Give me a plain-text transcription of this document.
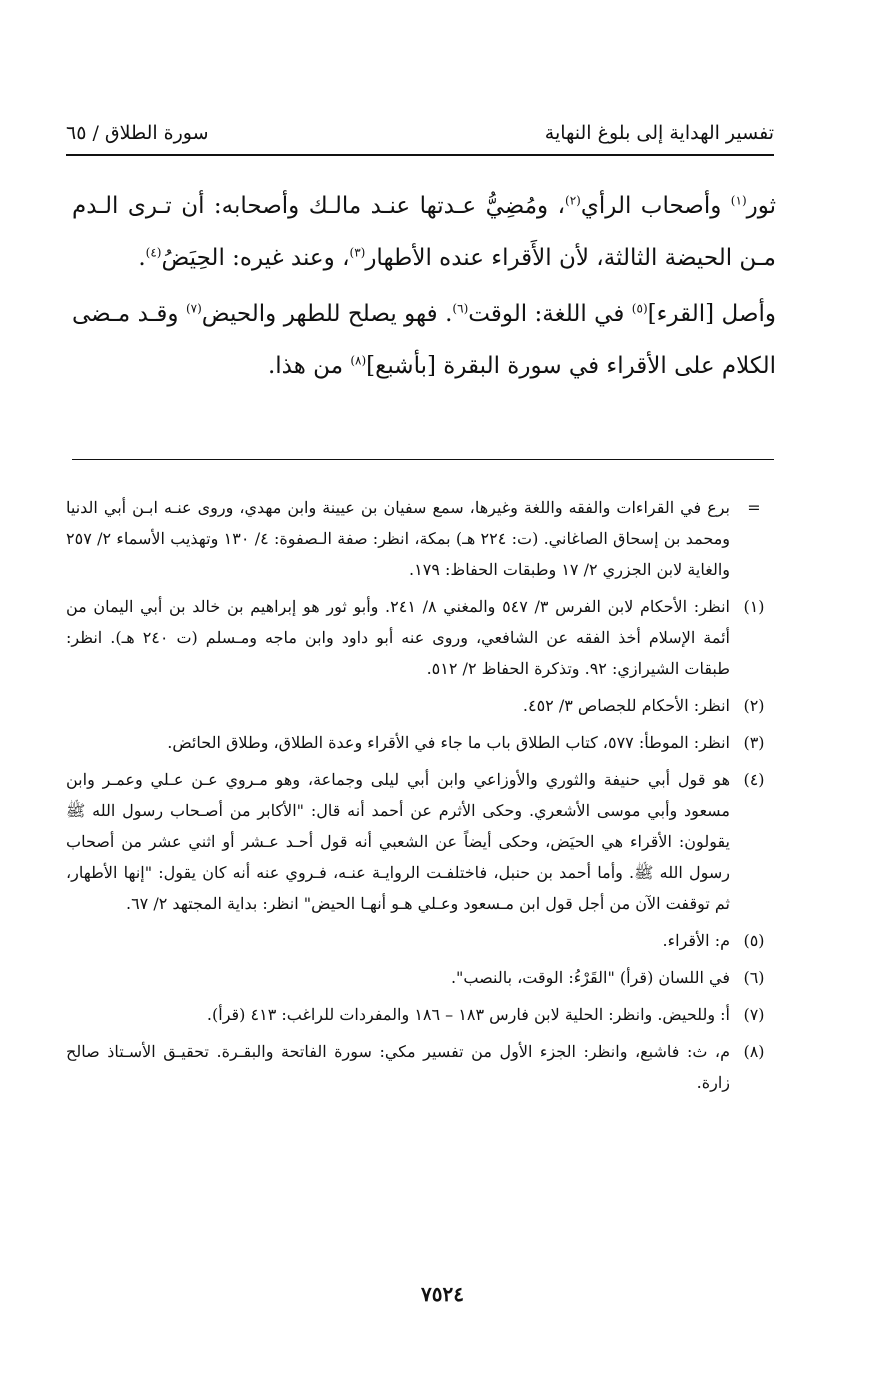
تفسير الهداية إلى بلوغ النهاية
سورة الطلاق / ٦٥

ثور$^{(١)}$ وأصحاب الرأي$^{(٢)}$، ومُضِيُّ عـدتها عنـد مالـك وأصحابه: أن تـرى الـدم مـن الحيضة الثالثة، لأن الأَقراء عنده الأطهار$^{(٣)}$، وعند غيره: الحِيَضُ$^{(٤)}$.

وأصل [القرء]$^{(٥)}$ في اللغة: الوقت$^{(٦)}$. فهو يصلح للطهر والحيض$^{(٧)}$ وقـد مـضى الكلام على الأقراء في سورة البقرة [بأشبع]$^{(٨)}$ من هذا.

=
برع في القراءات والفقه واللغة وغيرها، سمع سفيان بن عيينة وابن مهدي، وروى عنـه ابـن أبي الدنيا ومحمد بن إسحاق الصاغاني. (ت: ٢٢٤ هـ) بمكة، انظر: صفة الـصفوة: ٤/ ١٣٠ وتهذيب الأسماء ٢/ ٢٥٧ والغاية لابن الجزري ٢/ ١٧ وطبقات الحفاظ: ١٧٩.
(١)
انظر: الأحكام لابن الفرس ٣/ ٥٤٧ والمغني ٨/ ٢٤١. وأبو ثور هو إبراهيم بن خالد بن أبي اليمان من أئمة الإسلام أخذ الفقه عن الشافعي، وروى عنه أبو داود وابن ماجه ومـسلم (ت ٢٤٠ هـ). انظر: طبقات الشيرازي: ٩٢. وتذكرة الحفاظ ٢/ ٥١٢.
(٢)
انظر: الأحكام للجصاص ٣/ ٤٥٢.
(٣)
انظر: الموطأ: ٥٧٧، كتاب الطلاق باب ما جاء في الأقراء وعدة الطلاق، وطلاق الحائض.
(٤)
هو قول أبي حنيفة والثوري والأوزاعي وابن أبي ليلى وجماعة، وهو مـروي عـن عـلي وعمـر وابن مسعود وأبي موسى الأشعري. وحكى الأثرم عن أحمد أنه قال: "الأكابر من أصـحاب رسول الله ﷺ يقولون: الأقراء هي الحيَض، وحكى أيضاً عن الشعبي أنه قول أحـد عـشر أو اثني عشر من أصحاب رسول الله ﷺ. وأما أحمد بن حنبل، فاختلفـت الروايـة عنـه، فـروي عنه أنه كان يقول: "إنها الأطهار، ثم توقفت الآن من أجل قول ابن مـسعود وعـلي هـو أنهـا الحيض" انظر: بداية المجتهد ٢/ ٦٧.
(٥)
م: الأقراء.
(٦)
في اللسان (قرأ) "القَرْءُ: الوقت، بالنصب".
(٧)
أ: وللحيض. وانظر: الحلية لابن فارس ١٨٣ – ١٨٦ والمفردات للراغب: ٤١٣ (قرأ).
(٨)
م، ث: فاشبع، وانظر: الجزء الأول من تفسير مكي: سورة الفاتحة والبقـرة. تحقيـق الأسـتاذ صالح زارة.
٧٥٢٤
